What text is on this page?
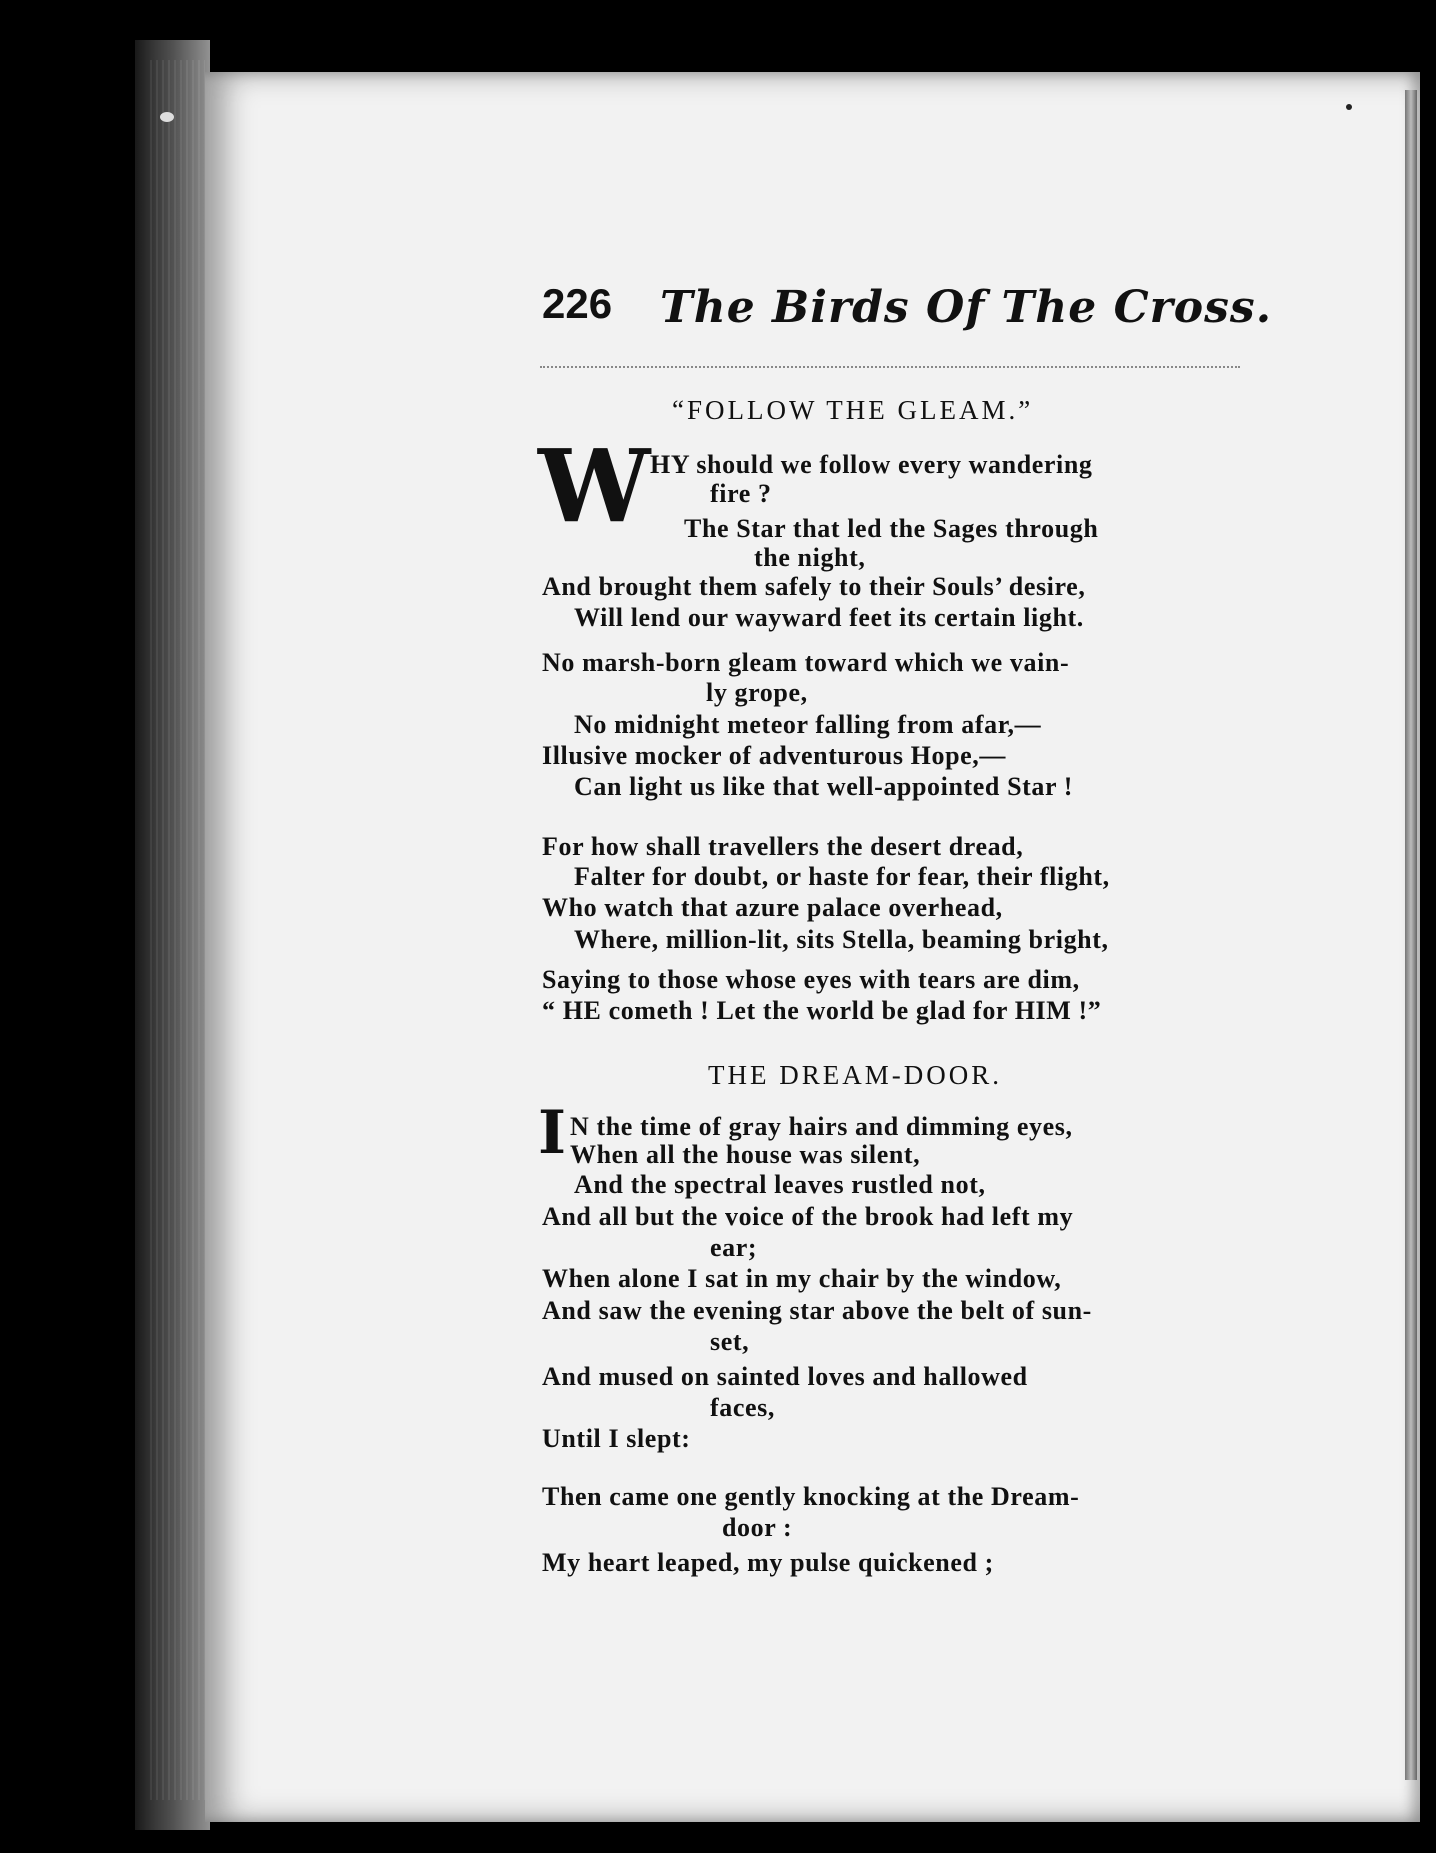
226 The Birds Of The Cross.
“FOLLOW THE GLEAM.”
W HY should we follow every wandering
fire ?
The Star that led the Sages through
the night,
And brought them safely to their Souls’ desire,
Will lend our wayward feet its certain light.
No marsh-born gleam toward which we vain-
ly grope,
No midnight meteor falling from afar,—
Illusive mocker of adventurous Hope,—
Can light us like that well-appointed Star !
For how shall travellers the desert dread,
Falter for doubt, or haste for fear, their flight,
Who watch that azure palace overhead,
Where, million-lit, sits Stella, beaming bright,
Saying to those whose eyes with tears are dim,
“ HE cometh ! Let the world be glad for HIM !”
THE DREAM-DOOR.
I N the time of gray hairs and dimming eyes,
When all the house was silent,
And the spectral leaves rustled not,
And all but the voice of the brook had left my
ear;
When alone I sat in my chair by the window,
And saw the evening star above the belt of sun-
set,
And mused on sainted loves and hallowed
faces,
Until I slept:
Then came one gently knocking at the Dream-
door :
My heart leaped, my pulse quickened ;
